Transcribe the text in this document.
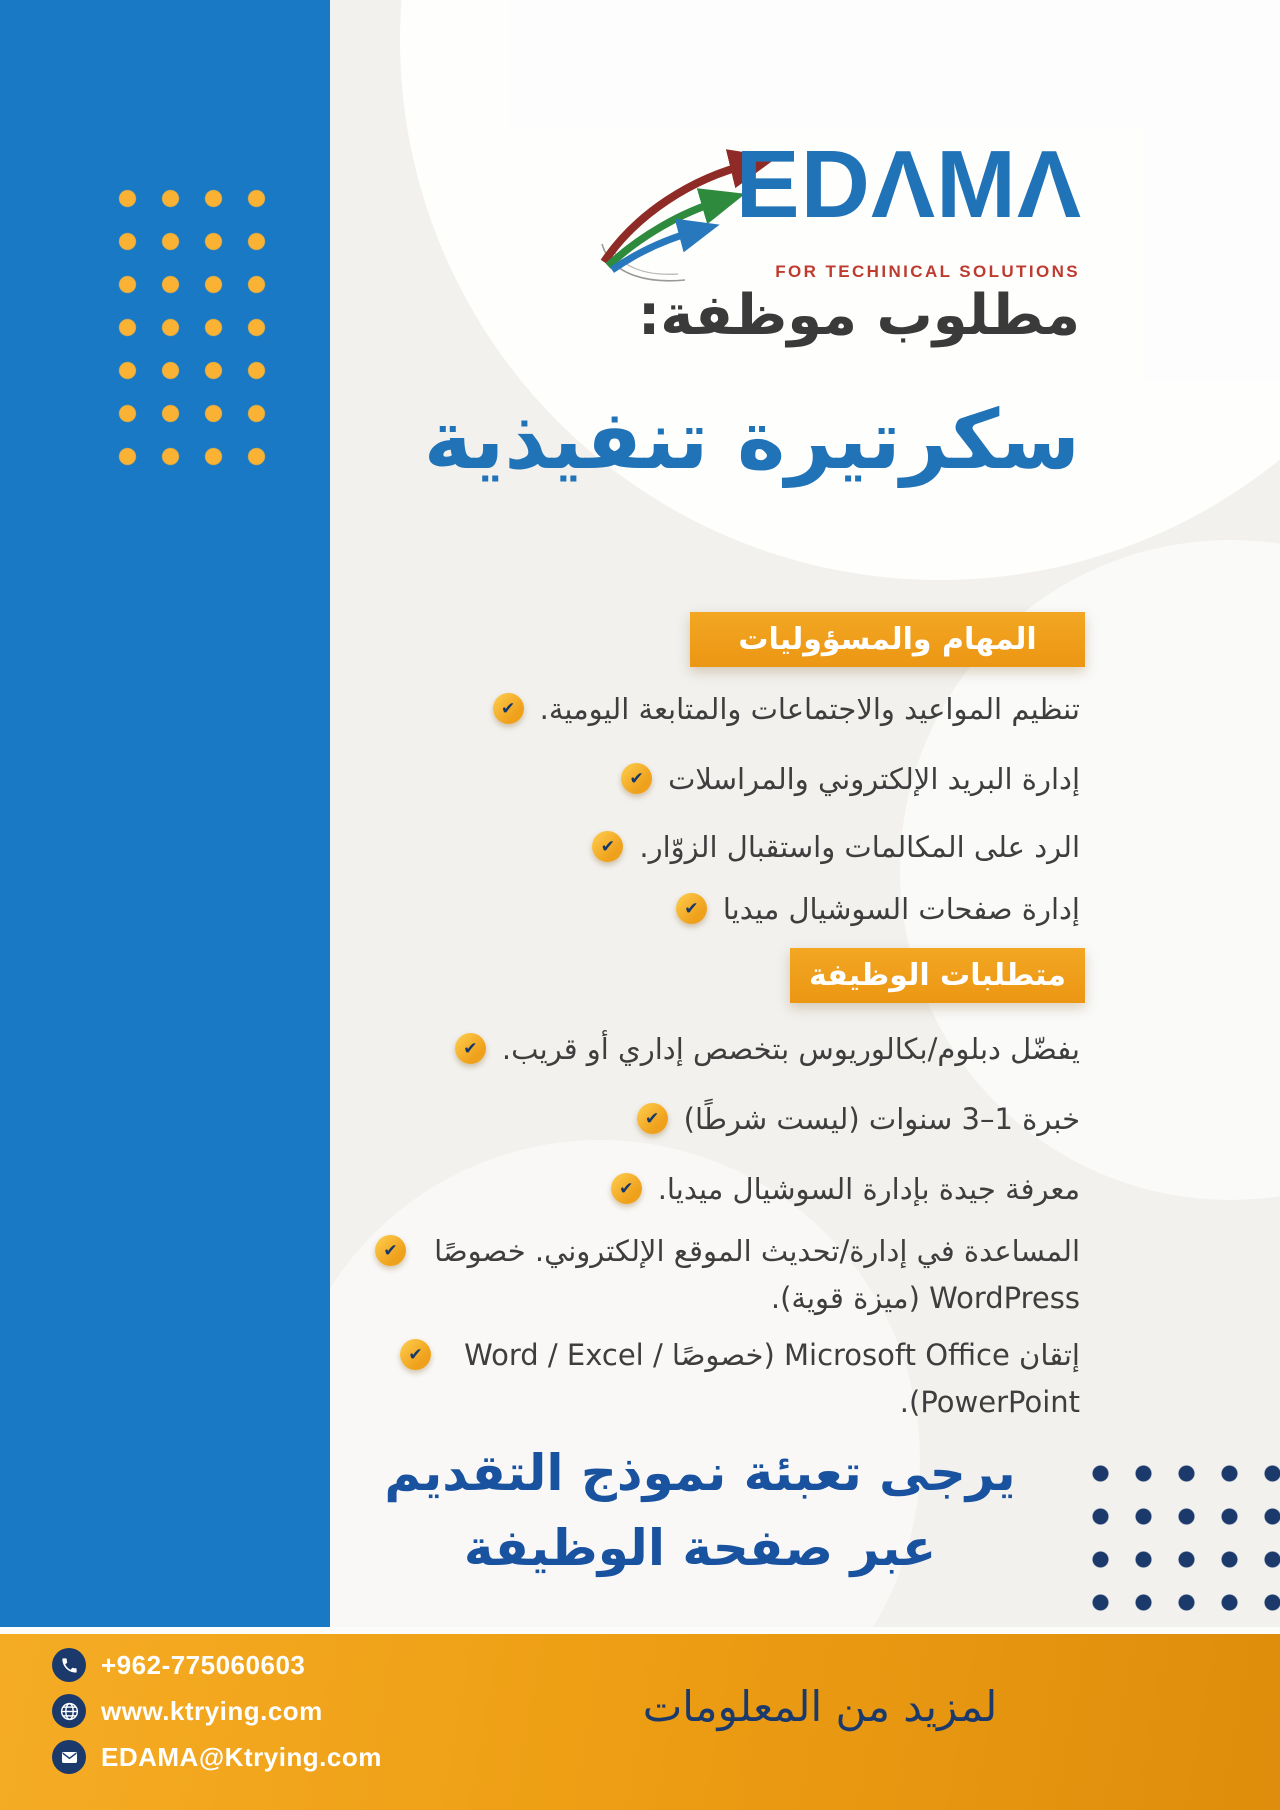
EDΛMΛ
FOR TECHINICAL SOLUTIONS
مطلوب موظفة:
سكرتيرة تنفيذية
المهام والمسؤوليات
تنظيم المواعيد والاجتماعات والمتابعة اليومية.
✔
إدارة البريد الإلكتروني والمراسلات
✔
الرد على المكالمات واستقبال الزوّار.
✔
إدارة صفحات السوشيال ميديا
✔
متطلبات الوظيفة
يفضّل دبلوم/بكالوريوس بتخصص إداري أو قريب.
✔
خبرة 1–3 سنوات (ليست شرطًا)
✔
معرفة جيدة بإدارة السوشيال ميديا.
✔
المساعدة في إدارة/تحديث الموقع الإلكتروني. خصوصًا WordPress (ميزة قوية).
✔
إتقان Microsoft Office (خصوصًا Word / Excel / PowerPoint).
✔
يرجى تعبئة نموذج التقديم
عبر صفحة الوظيفة
+962-775060603
www.ktrying.com
EDAMA@Ktrying.com
لمزيد من المعلومات
